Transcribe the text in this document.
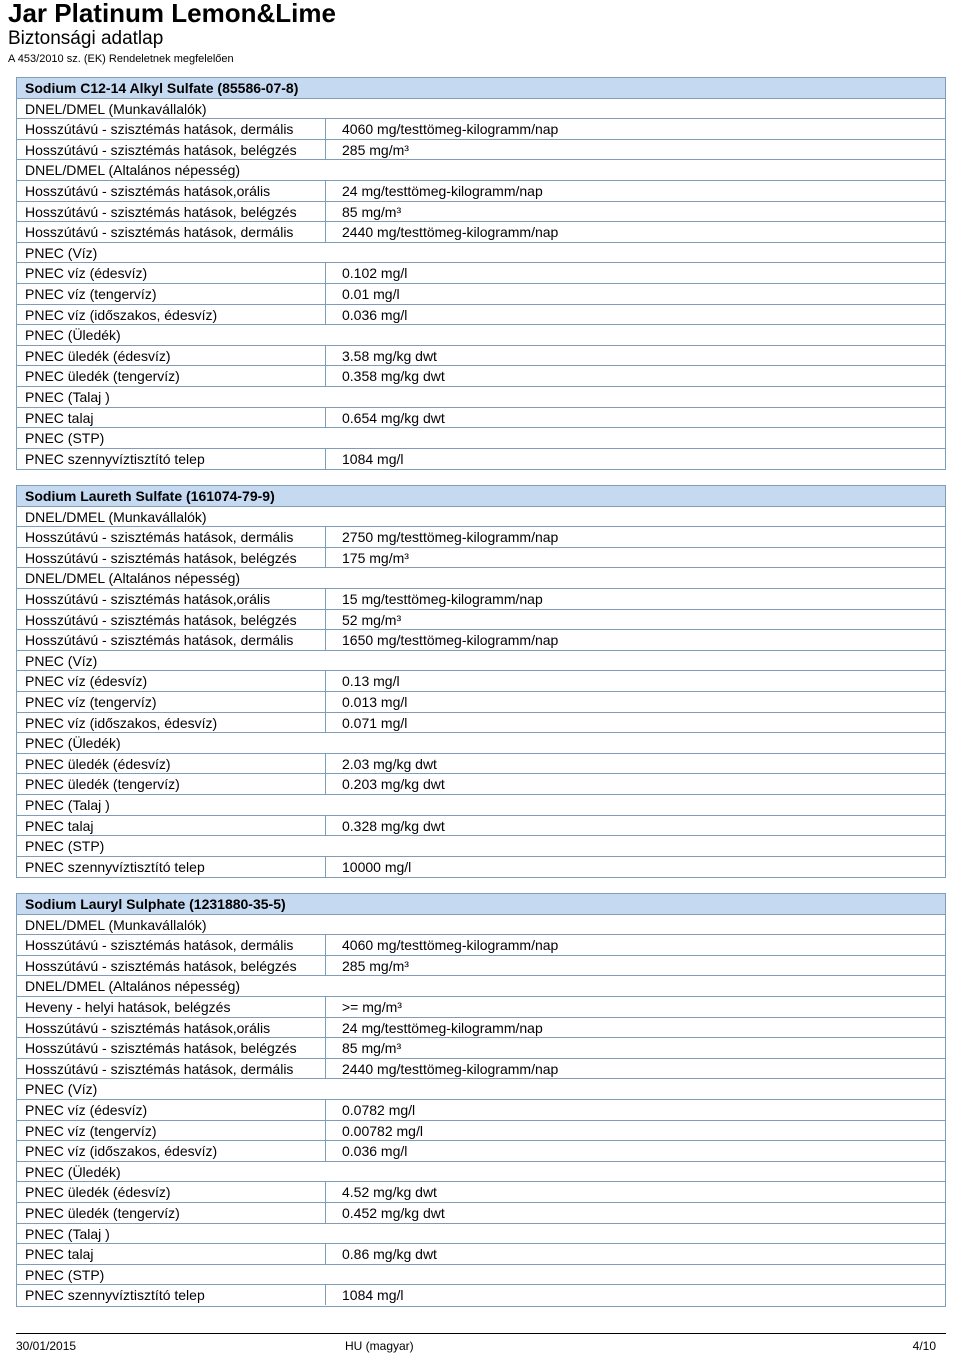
Jar Platinum Lemon&Lime
Biztonsági adatlap
A 453/2010 sz. (EK) Rendeletnek megfelelően
Sodium C12-14 Alkyl Sulfate (85586-07-8)
DNEL/DMEL (Munkavállalók)
Hosszútávú - szisztémás hatások, dermális	4060 mg/testtömeg-kilogramm/nap
Hosszútávú - szisztémás hatások, belégzés	285 mg/m³
DNEL/DMEL (Altalános népesség)
Hosszútávú - szisztémás hatások,orális	24 mg/testtömeg-kilogramm/nap
Hosszútávú - szisztémás hatások, belégzés	85 mg/m³
Hosszútávú - szisztémás hatások, dermális	2440 mg/testtömeg-kilogramm/nap
PNEC (Víz)
PNEC víz (édesvíz)	0.102 mg/l
PNEC víz (tengervíz)	0.01 mg/l
PNEC víz (időszakos, édesvíz)	0.036 mg/l
PNEC (Üledék)
PNEC üledék (édesvíz)	3.58 mg/kg dwt
PNEC üledék (tengervíz)	0.358 mg/kg dwt
PNEC (Talaj )
PNEC talaj	0.654 mg/kg dwt
PNEC (STP)
PNEC szennyvíztisztító telep	1084 mg/l
Sodium Laureth Sulfate (161074-79-9)
DNEL/DMEL (Munkavállalók)
Hosszútávú - szisztémás hatások, dermális	2750 mg/testtömeg-kilogramm/nap
Hosszútávú - szisztémás hatások, belégzés	175 mg/m³
DNEL/DMEL (Altalános népesség)
Hosszútávú - szisztémás hatások,orális	15 mg/testtömeg-kilogramm/nap
Hosszútávú - szisztémás hatások, belégzés	52 mg/m³
Hosszútávú - szisztémás hatások, dermális	1650 mg/testtömeg-kilogramm/nap
PNEC (Víz)
PNEC víz (édesvíz)	0.13 mg/l
PNEC víz (tengervíz)	0.013 mg/l
PNEC víz (időszakos, édesvíz)	0.071 mg/l
PNEC (Üledék)
PNEC üledék (édesvíz)	2.03 mg/kg dwt
PNEC üledék (tengervíz)	0.203 mg/kg dwt
PNEC (Talaj )
PNEC talaj	0.328 mg/kg dwt
PNEC (STP)
PNEC szennyvíztisztító telep	10000 mg/l
Sodium Lauryl Sulphate (1231880-35-5)
DNEL/DMEL (Munkavállalók)
Hosszútávú - szisztémás hatások, dermális	4060 mg/testtömeg-kilogramm/nap
Hosszútávú - szisztémás hatások, belégzés	285 mg/m³
DNEL/DMEL (Altalános népesség)
Heveny - helyi hatások, belégzés	>= mg/m³
Hosszútávú - szisztémás hatások,orális	24 mg/testtömeg-kilogramm/nap
Hosszútávú - szisztémás hatások, belégzés	85 mg/m³
Hosszútávú - szisztémás hatások, dermális	2440 mg/testtömeg-kilogramm/nap
PNEC (Víz)
PNEC víz (édesvíz)	0.0782 mg/l
PNEC víz (tengervíz)	0.00782 mg/l
PNEC víz (időszakos, édesvíz)	0.036 mg/l
PNEC (Üledék)
PNEC üledék (édesvíz)	4.52 mg/kg dwt
PNEC üledék (tengervíz)	0.452 mg/kg dwt
PNEC (Talaj )
PNEC talaj	0.86 mg/kg dwt
PNEC (STP)
PNEC szennyvíztisztító telep	1084 mg/l
30/01/2015	HU (magyar)	4/10
